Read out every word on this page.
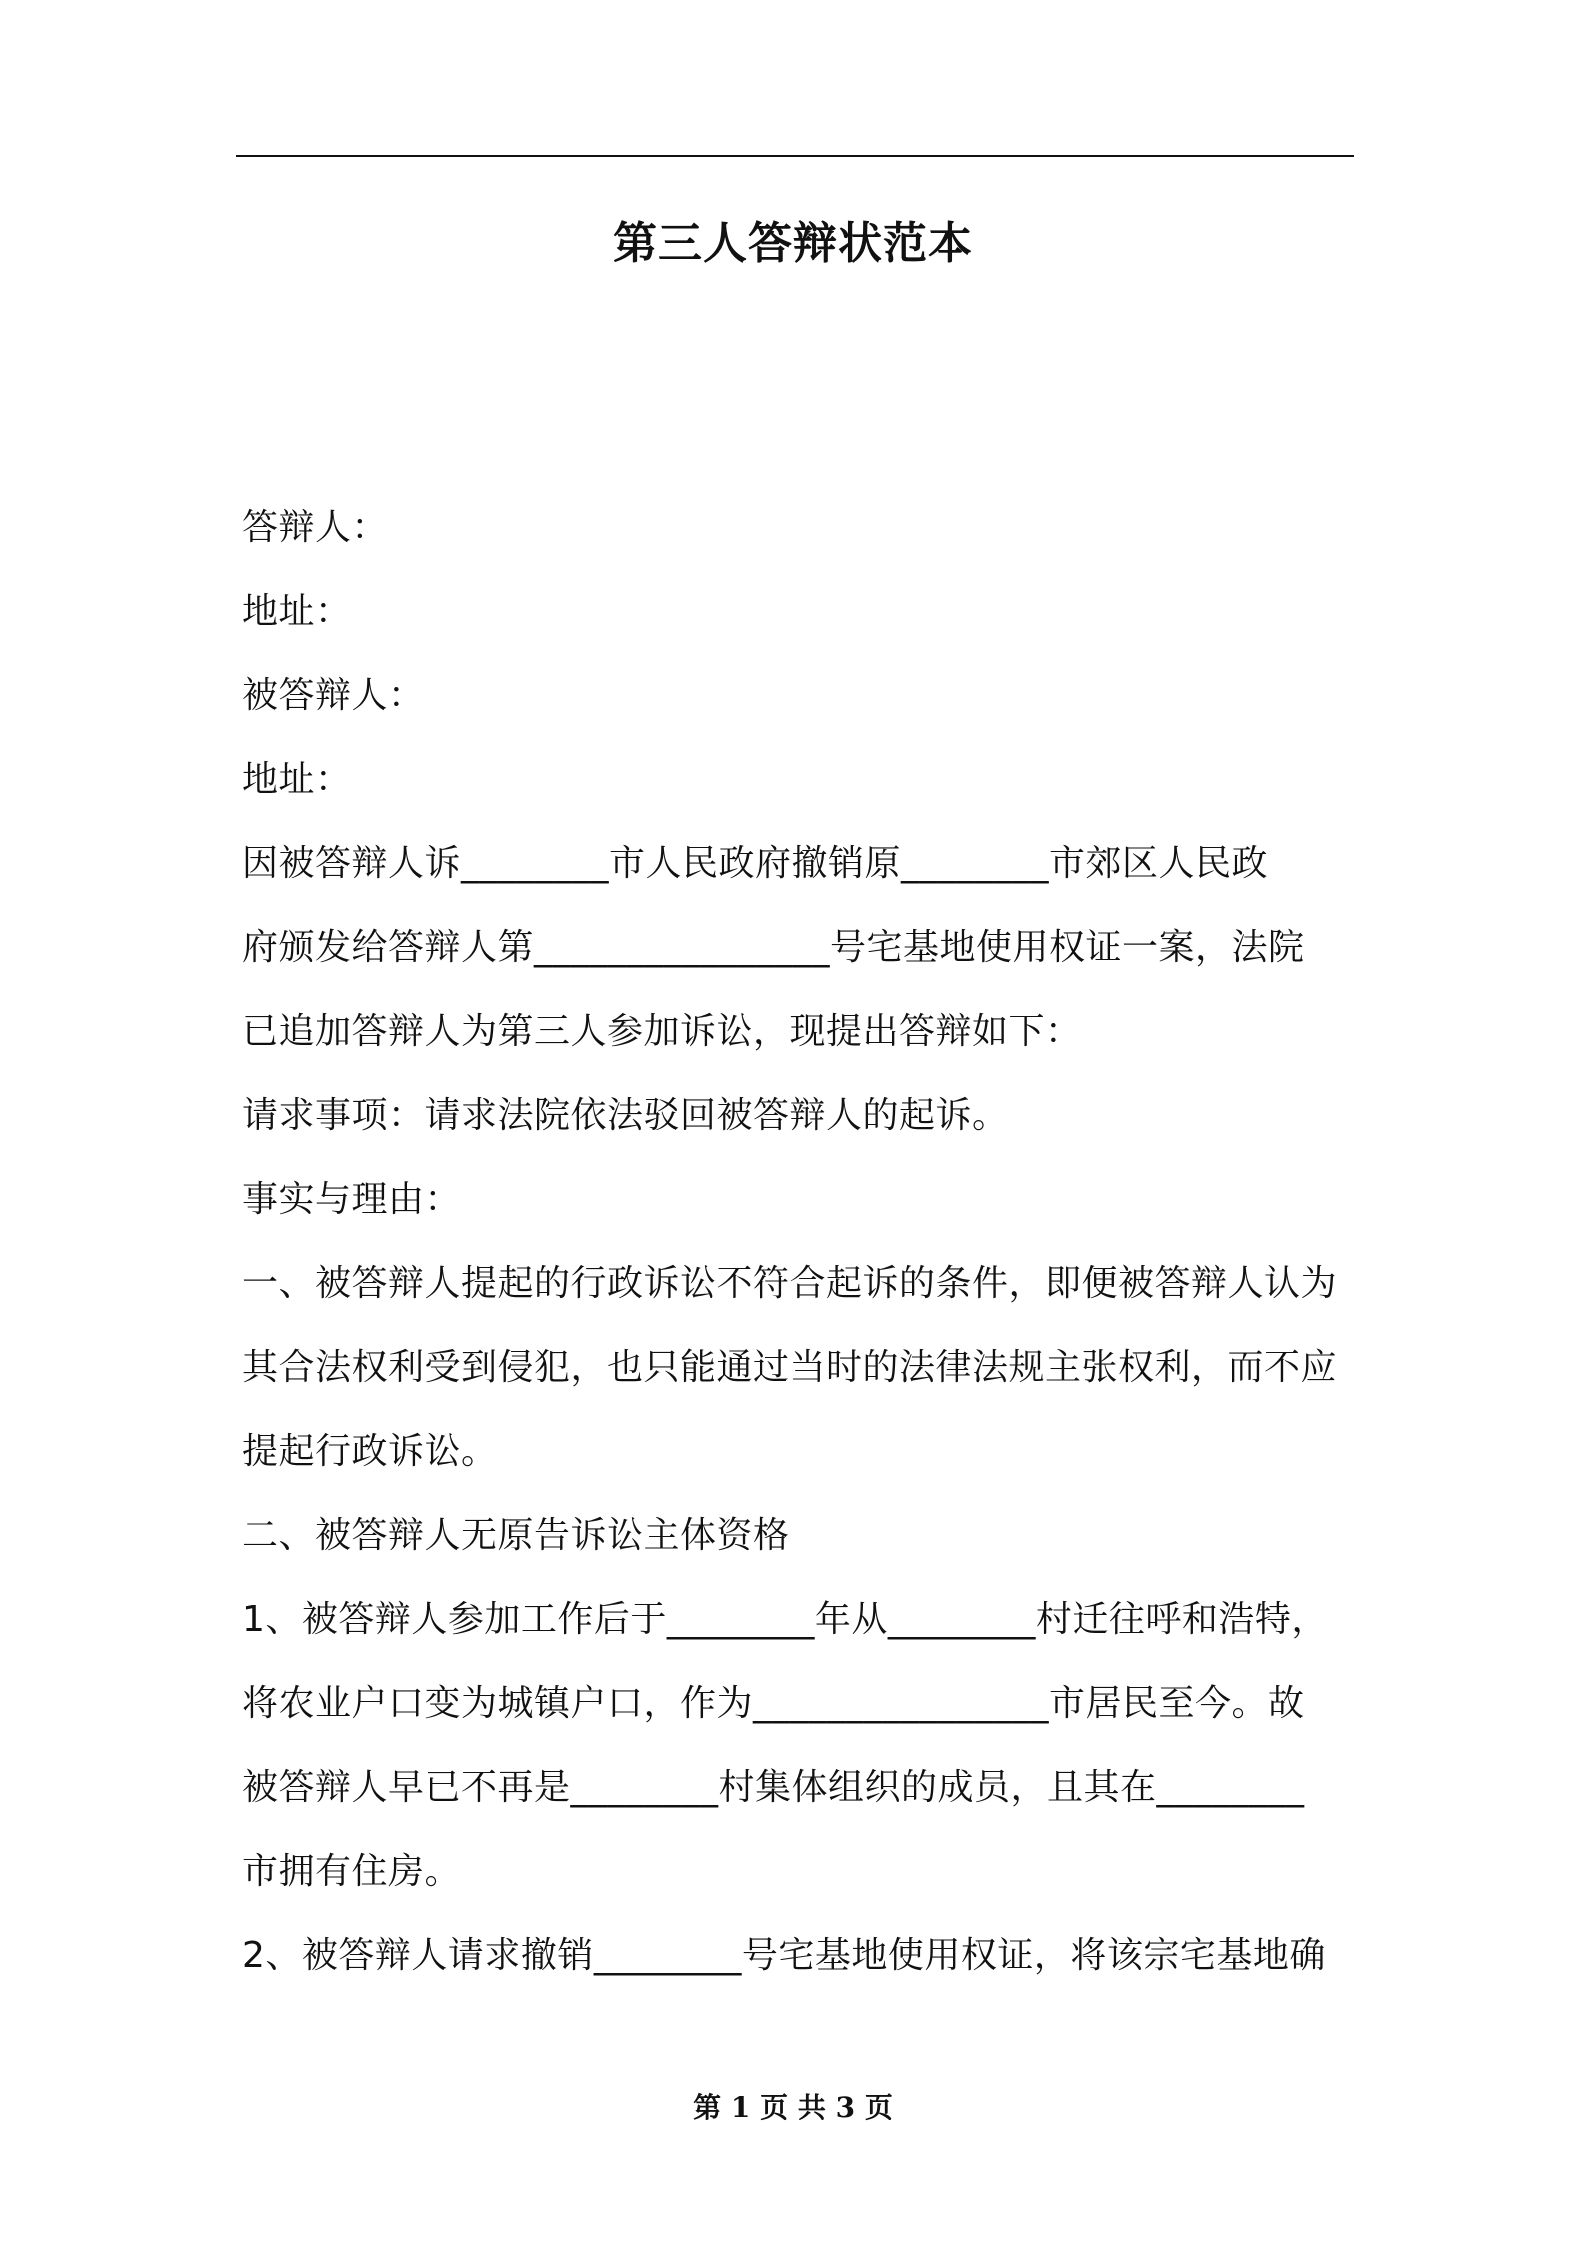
第三人答辩状范本
答辩人：
地址：
被答辩人：
地址：
因被答辩人诉________市人民政府撤销原________市郊区人民政
府颁发给答辩人第________________号宅基地使用权证一案，法院
已追加答辩人为第三人参加诉讼，现提出答辩如下：
请求事项：请求法院依法驳回被答辩人的起诉。
事实与理由：
一、被答辩人提起的行政诉讼不符合起诉的条件，即便被答辩人认为
其合法权利受到侵犯，也只能通过当时的法律法规主张权利，而不应
提起行政诉讼。
二、被答辩人无原告诉讼主体资格
1、被答辩人参加工作后于________年从________村迁往呼和浩特，
将农业户口变为城镇户口，作为________________市居民至今。故
被答辩人早已不再是________村集体组织的成员，且其在________
市拥有住房。
2、被答辩人请求撤销________号宅基地使用权证，将该宗宅基地确
第 1 页 共 3 页
